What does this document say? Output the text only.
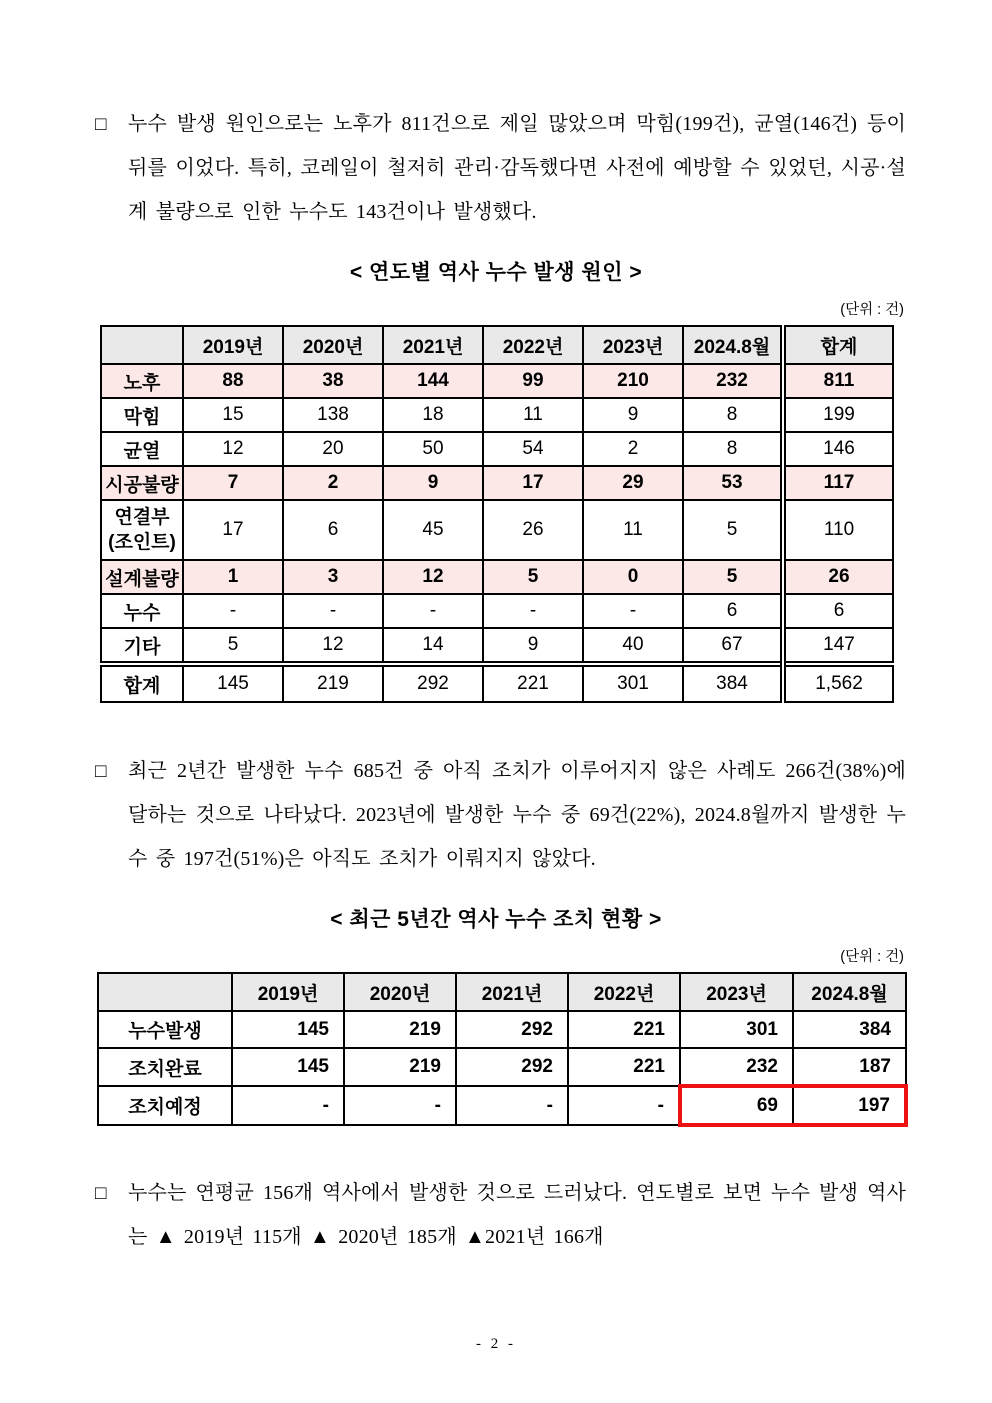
□ 누수 발생 원인으로는 노후가 811건으로 제일 많았으며 막힘(199건), 균열(146건) 등이 뒤를 이었다. 특히, 코레일이 철저히 관리·감독했다면 사전에 예방할 수 있었던, 시공·설계 불량으로 인한 누수도 143건이나 발생했다.
< 연도별 역사 누수 발생 원인 >
(단위 : 건)
	2019년	2020년	2021년	2022년	2023년	2024.8월	합계
노후	88	38	144	99	210	232	811
막힘	15	138	18	11	9	8	199
균열	12	20	50	54	2	8	146
시공불량	7	2	9	17	29	53	117
연결부
(조인트)	17	6	45	26	11	5	110
설계불량	1	3	12	5	0	5	26
누수	-	-	-	-	-	6	6
기타	5	12	14	9	40	67	147
합계	145	219	292	221	301	384	1,562
□ 최근 2년간 발생한 누수 685건 중 아직 조치가 이루어지지 않은 사례도 266건(38%)에 달하는 것으로 나타났다. 2023년에 발생한 누수 중 69건(22%), 2024.8월까지 발생한 누수 중 197건(51%)은 아직도 조치가 이뤄지지 않았다.
< 최근 5년간 역사 누수 조치 현황 >
(단위 : 건)
	2019년	2020년	2021년	2022년	2023년	2024.8월
누수발생	145	219	292	221	301	384
조치완료	145	219	292	221	232	187
조치예정	-	-	-	-	69	197
□ 누수는 연평균 156개 역사에서 발생한 것으로 드러났다. 연도별로 보면 누수 발생 역사는 ▲ 2019년 115개 ▲ 2020년 185개 ▲2021년 166개
- 2 -
